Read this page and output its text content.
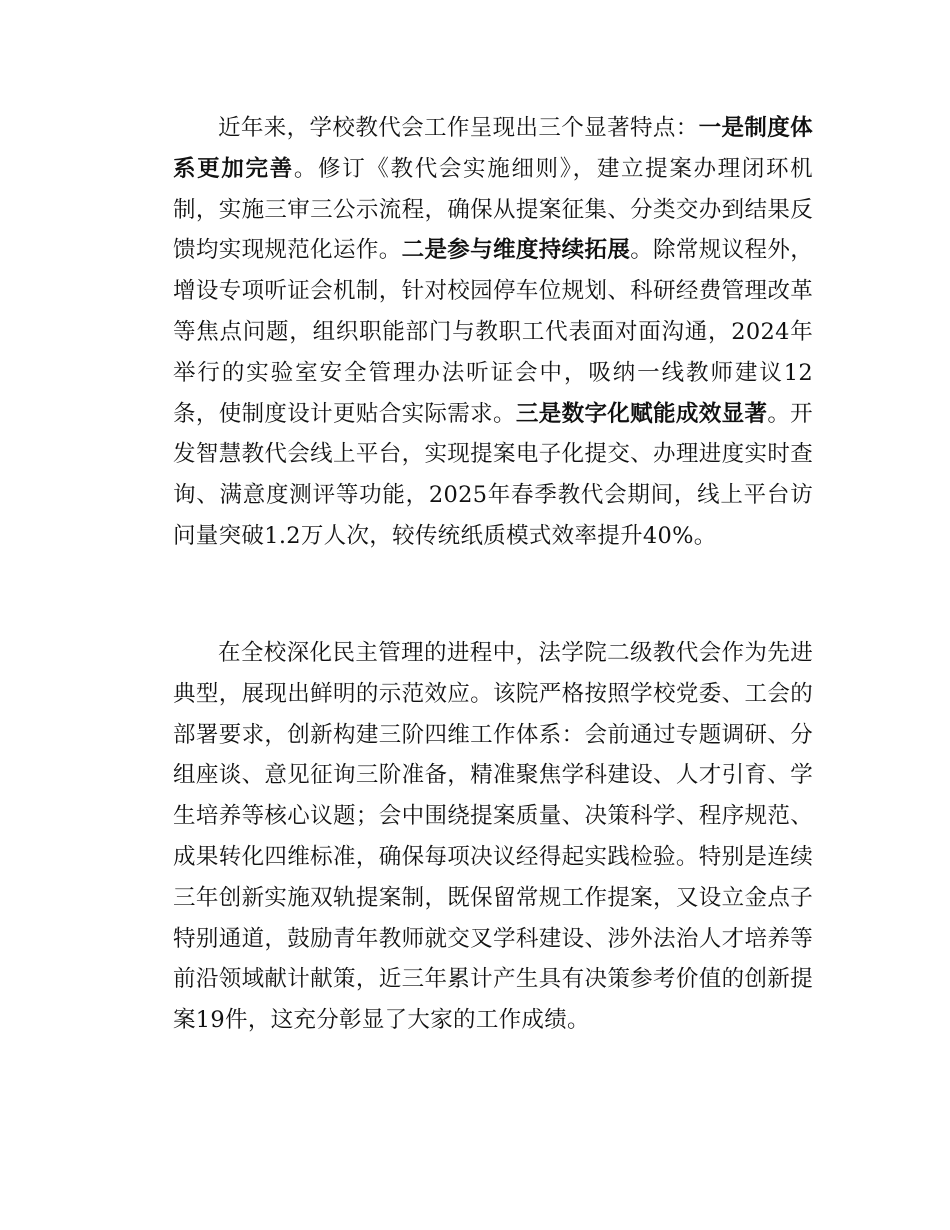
近年来，学校教代会工作呈现出三个显著特点：一是制度体系更加完善。修订《教代会实施细则》，建立提案办理闭环机制，实施三审三公示流程，确保从提案征集、分类交办到结果反馈均实现规范化运作。二是参与维度持续拓展。除常规议程外，增设专项听证会机制，针对校园停车位规划、科研经费管理改革等焦点问题，组织职能部门与教职工代表面对面沟通，2024年举行的实验室安全管理办法听证会中，吸纳一线教师建议12条，使制度设计更贴合实际需求。三是数字化赋能成效显著。开发智慧教代会线上平台，实现提案电子化提交、办理进度实时查询、满意度测评等功能，2025年春季教代会期间，线上平台访问量突破1.2万人次，较传统纸质模式效率提升40%。

在全校深化民主管理的进程中，法学院二级教代会作为先进典型，展现出鲜明的示范效应。该院严格按照学校党委、工会的部署要求，创新构建三阶四维工作体系：会前通过专题调研、分组座谈、意见征询三阶准备，精准聚焦学科建设、人才引育、学生培养等核心议题；会中围绕提案质量、决策科学、程序规范、成果转化四维标准，确保每项决议经得起实践检验。特别是连续三年创新实施双轨提案制，既保留常规工作提案，又设立金点子特别通道，鼓励青年教师就交叉学科建设、涉外法治人才培养等前沿领域献计献策，近三年累计产生具有决策参考价值的创新提案19件，这充分彰显了大家的工作成绩。
